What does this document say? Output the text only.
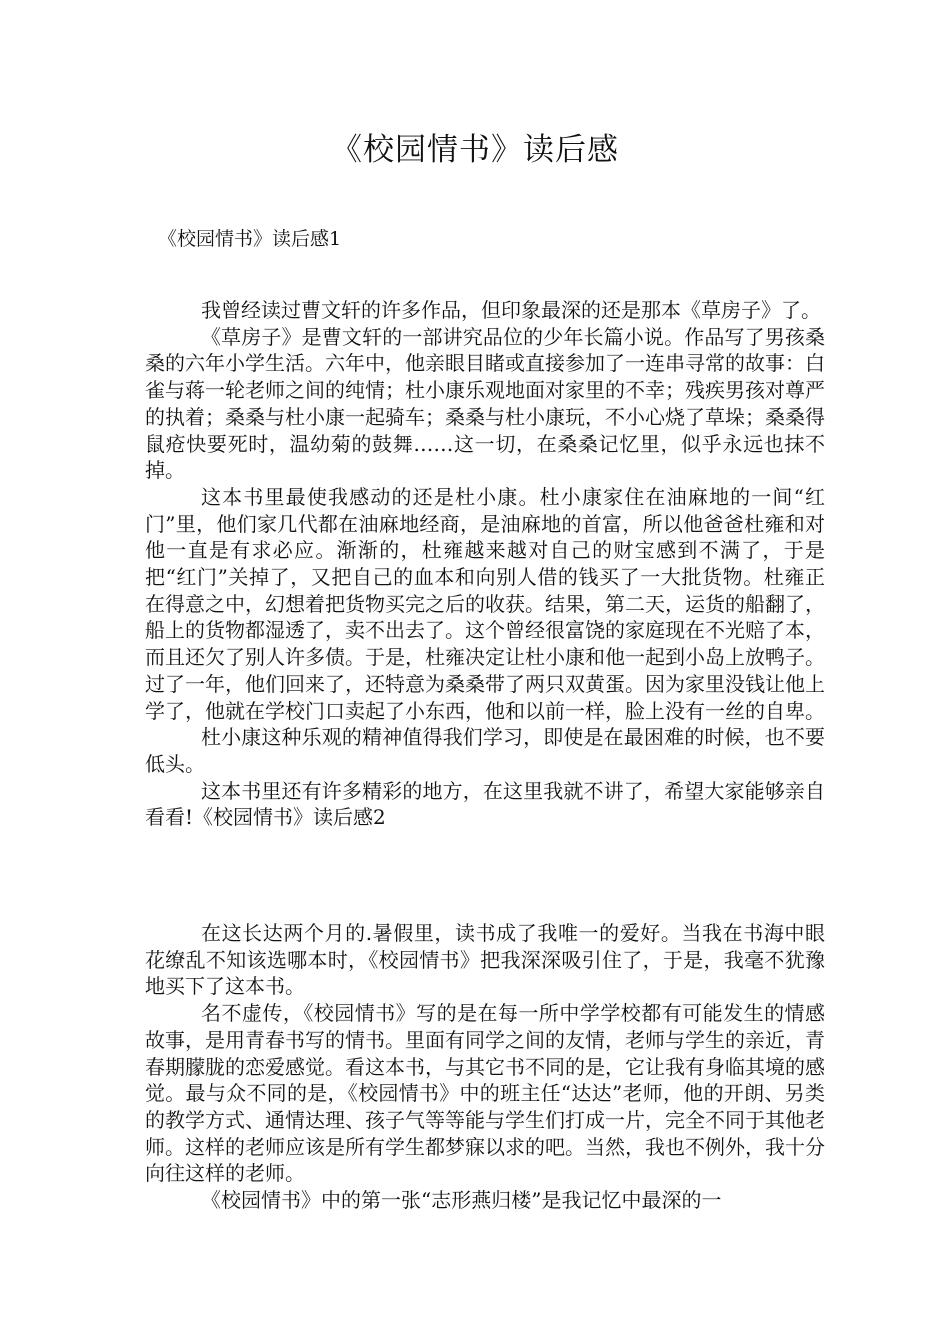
《校园情书》读后感
《校园情书》读后感1

我曾经读过曹文轩的许多作品，但印象最深的还是那本《草房子》了。

《草房子》是曹文轩的一部讲究品位的少年长篇小说。作品写了男孩桑桑的六年小学生活。六年中，他亲眼目睹或直接参加了一连串寻常的故事：白雀与蒋一轮老师之间的纯情；杜小康乐观地面对家里的不幸；残疾男孩对尊严的执着；桑桑与杜小康一起骑车；桑桑与杜小康玩，不小心烧了草垛；桑桑得鼠疮快要死时，温幼菊的鼓舞……这一切，在桑桑记忆里，似乎永远也抹不掉。

这本书里最使我感动的还是杜小康。杜小康家住在油麻地的一间“红门”里，他们家几代都在油麻地经商，是油麻地的首富，所以他爸爸杜雍和对他一直是有求必应。渐渐的，杜雍越来越对自己的财宝感到不满了，于是把“红门”关掉了，又把自己的血本和向别人借的钱买了一大批货物。杜雍正在得意之中，幻想着把货物买完之后的收获。结果，第二天，运货的船翻了，船上的货物都湿透了，卖不出去了。这个曾经很富饶的家庭现在不光赔了本，而且还欠了别人许多债。于是，杜雍决定让杜小康和他一起到小岛上放鸭子。过了一年，他们回来了，还特意为桑桑带了两只双黄蛋。因为家里没钱让他上学了，他就在学校门口卖起了小东西，他和以前一样，脸上没有一丝的自卑。

杜小康这种乐观的精神值得我们学习，即使是在最困难的时候，也不要低头。

这本书里还有许多精彩的地方，在这里我就不讲了，希望大家能够亲自看看!《校园情书》读后感2

在这长达两个月的.暑假里，读书成了我唯一的爱好。当我在书海中眼花缭乱不知该选哪本时，《校园情书》把我深深吸引住了，于是，我毫不犹豫地买下了这本书。

名不虚传，《校园情书》写的是在每一所中学学校都有可能发生的情感故事，是用青春书写的情书。里面有同学之间的友情，老师与学生的亲近，青春期朦胧的恋爱感觉。看这本书，与其它书不同的是，它让我有身临其境的感觉。最与众不同的是，《校园情书》中的班主任“达达”老师，他的开朗、另类的教学方式、通情达理、孩子气等等能与学生们打成一片，完全不同于其他老师。这样的老师应该是所有学生都梦寐以求的吧。当然，我也不例外，我十分向往这样的老师。

《校园情书》中的第一张“志形燕归楼”是我记忆中最深的一
